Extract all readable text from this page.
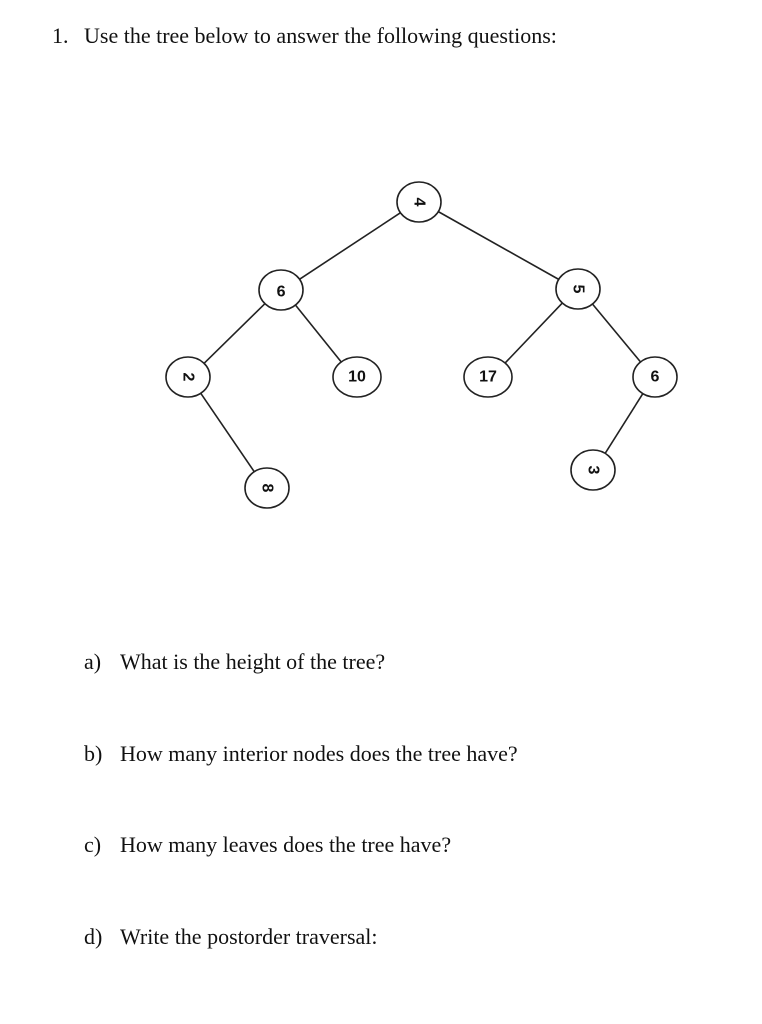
1. Use the tree below to answer the following questions:
4
9	5
2	10	17	6
8
3
a) What is the height of the tree?
b) How many interior nodes does the tree have?
c) How many leaves does the tree have?
d) Write the postorder traversal:
